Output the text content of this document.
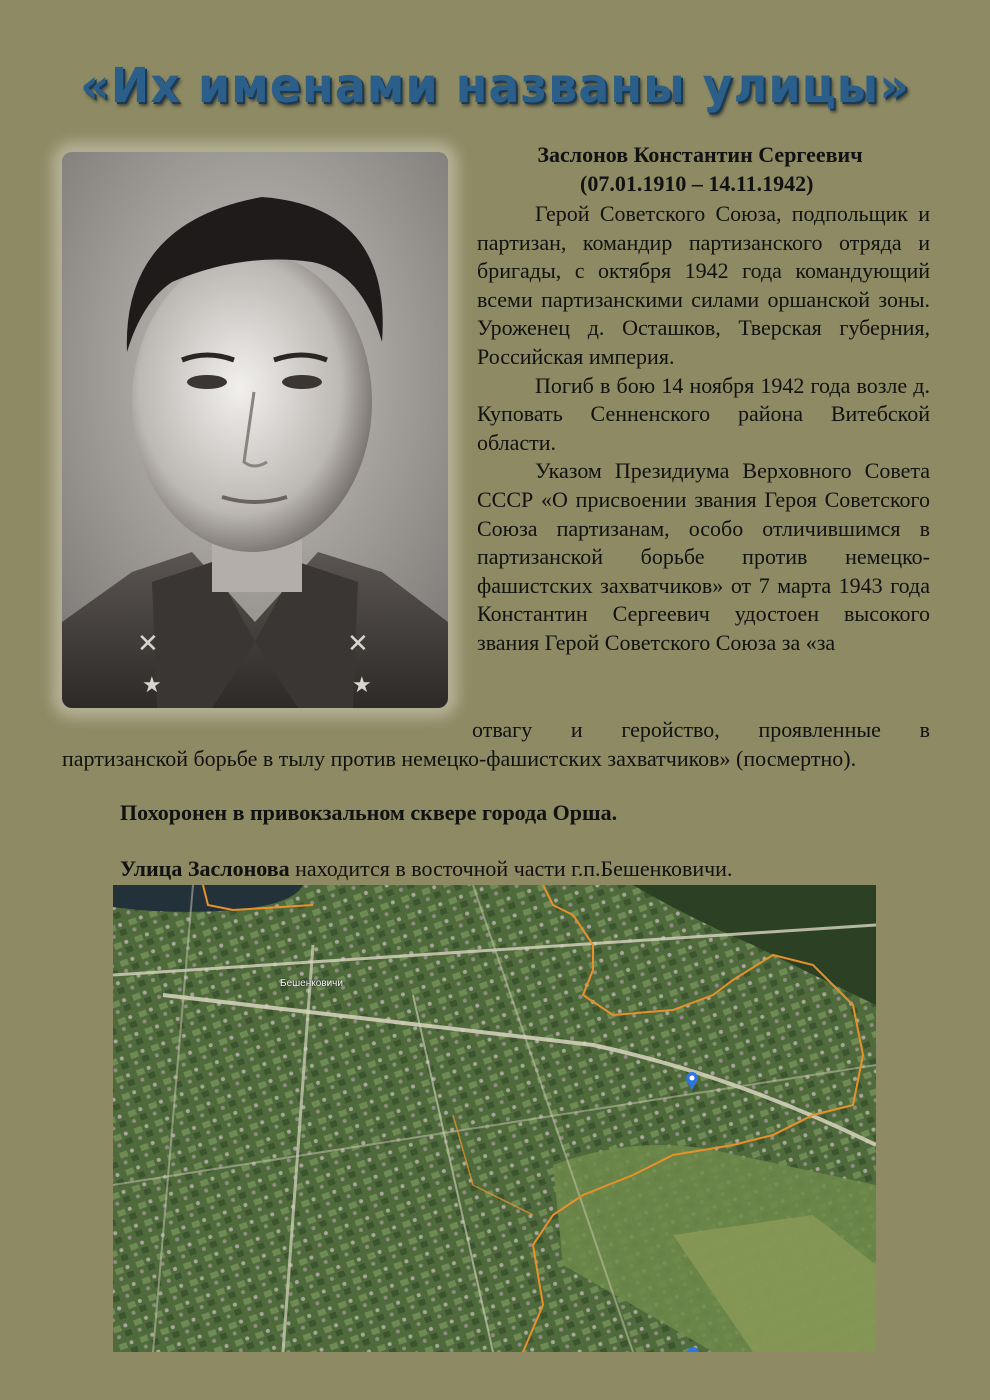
«Их именами названы улицы»
✕	✕
★	★
Заслонов Константин Сергеевич
(07.01.1910 – 14.11.1942)

Герой Советского Союза, подпольщик и партизан, командир партизанского отряда и бригады, с октября 1942 года командующий всеми партизанскими силами оршанской зоны. Уроженец д. Осташков, Тверская губерния, Российская империя.

Погиб в бою 14 ноября 1942 года возле д. Куповать Сенненского района Витебской области.

Указом Президиума Верховного Совета СССР «О присвоении звания Героя Советского Союза партизанам, особо отличившимся в партизанской борьбе против немецко-фашистских захватчиков» от 7 марта 1943 года Константин Сергеевич удостоен высокого звания Герой Советского Союза за «за

отвагу и геройство, проявленные в
партизанской борьбе в тылу против немецко-фашистских захватчиков» (посмертно).
Похоронен в привокзальном сквере города Орша.
Улица Заслонова находится в восточной части г.п.Бешенковичи.
Бешенковичи
